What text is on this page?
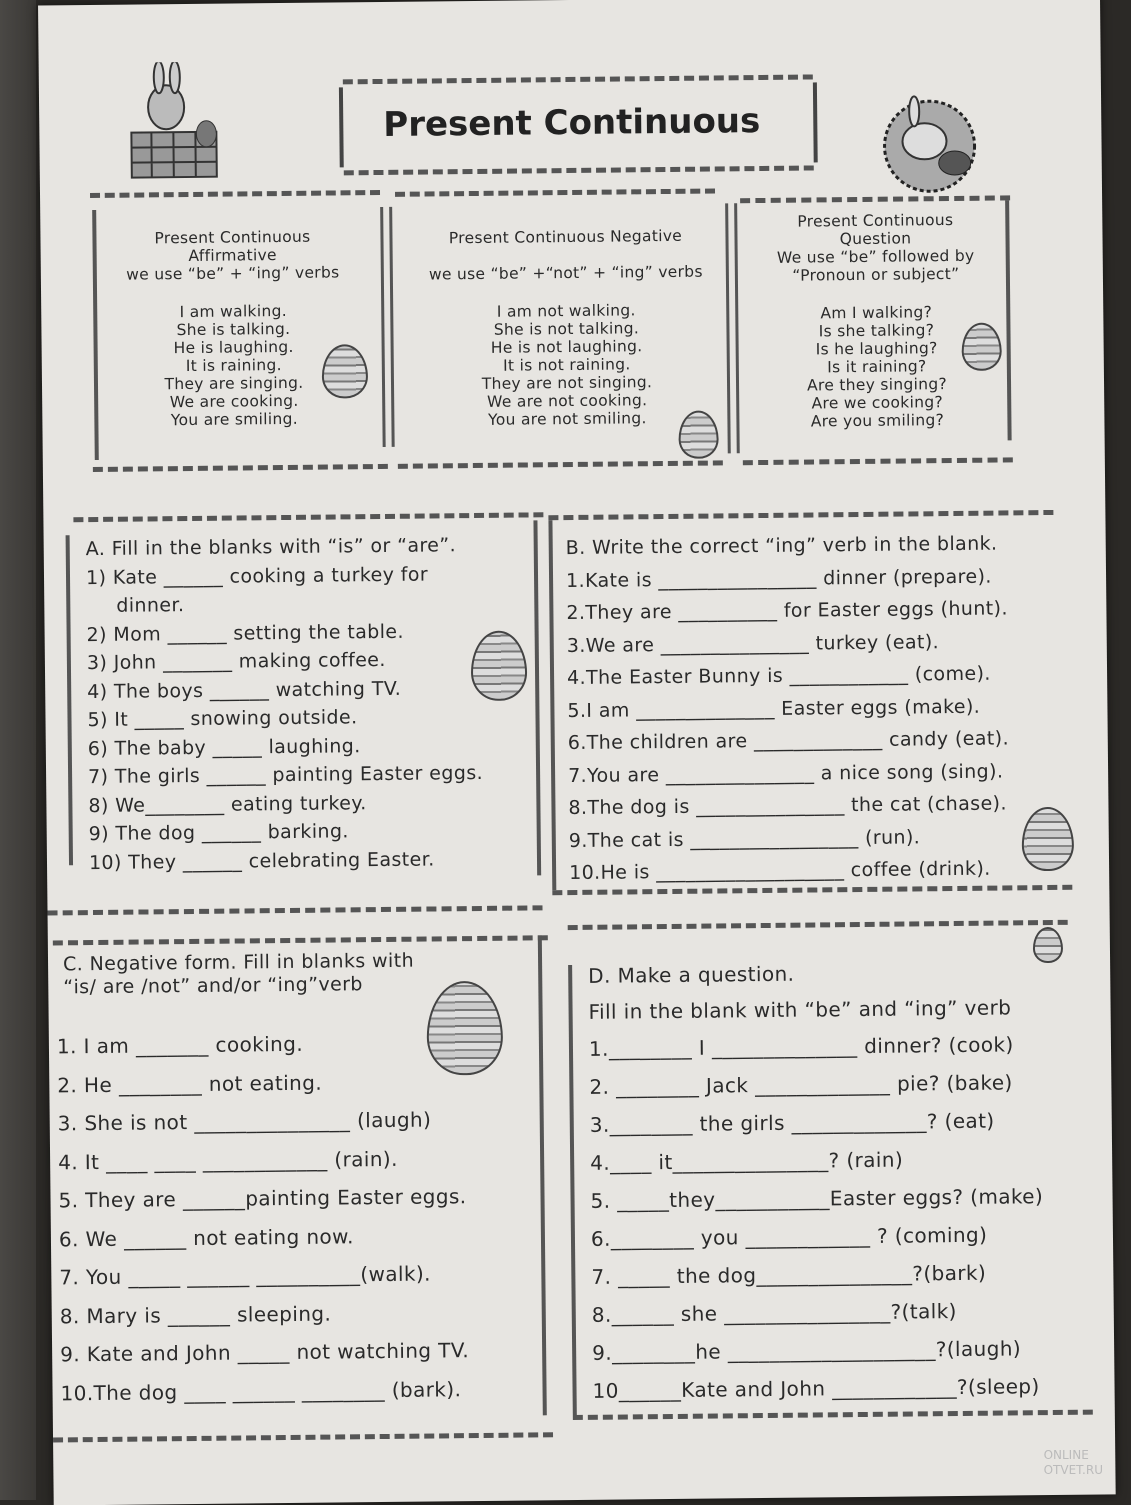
Present Continuous
Present Continuous
Affirmative
we use “be” + “ing” verbs
I am walking.
She is talking.
He is laughing.
It is raining.
They are singing.
We are cooking.
You are smiling.
Present Continuous Negative
we use “be” +“not” + “ing” verbs
I am not walking.
She is not talking.
He is not laughing.
It is not raining.
They are not singing.
We are not cooking.
You are not smiling.
Present Continuous
Question
We use “be” followed by
“Pronoun or subject”
Am I walking?
Is she talking?
Is he laughing?
Is it raining?
Are they singing?
Are we cooking?
Are you smiling?
A. Fill in the blanks with “is” or “are”.
1) Kate ______ cooking a turkey for
dinner.
2) Mom ______ setting the table.
3) John _______ making coffee.
4) The boys ______ watching TV.
5) It _____ snowing outside.
6) The baby _____ laughing.
7) The girls ______ painting Easter eggs.
8) We________ eating turkey.
9) The dog ______ barking.
10) They ______ celebrating Easter.
B. Write the correct “ing” verb in the blank.
1.Kate is ________________ dinner (prepare).
2.They are __________ for Easter eggs (hunt).
3.We are _______________ turkey (eat).
4.The Easter Bunny is ____________ (come).
5.I am ______________ Easter eggs (make).
6.The children are _____________ candy (eat).
7.You are _______________ a nice song (sing).
8.The dog is _______________ the cat (chase).
9.The cat is _________________ (run).
10.He is ___________________ coffee (drink).
C. Negative form. Fill in blanks with
“is/ are /not” and/or “ing”verb
1. I am _______ cooking.
2. He ________ not eating.
3. She is not _______________ (laugh)
4. It ____ ____ ____________ (rain).
5. They are ______painting Easter eggs.
6. We ______ not eating now.
7. You _____ ______ __________(walk).
8. Mary is ______ sleeping.
9. Kate and John _____ not watching TV.
10.The dog ____ ______ ________ (bark).
D. Make a question.
Fill in the blank with “be” and “ing” verb
1.________ I ______________ dinner? (cook)
2. ________ Jack _____________ pie? (bake)
3.________ the girls _____________? (eat)
4.____ it_______________? (rain)
5. _____they___________Easter eggs? (make)
6.________ you ____________ ? (coming)
7. _____ the dog_______________?(bark)
8.______ she ________________?(talk)
9.________he ____________________?(laugh)
10______Kate and John ____________?(sleep)
ONLINE
OTVET.RU
